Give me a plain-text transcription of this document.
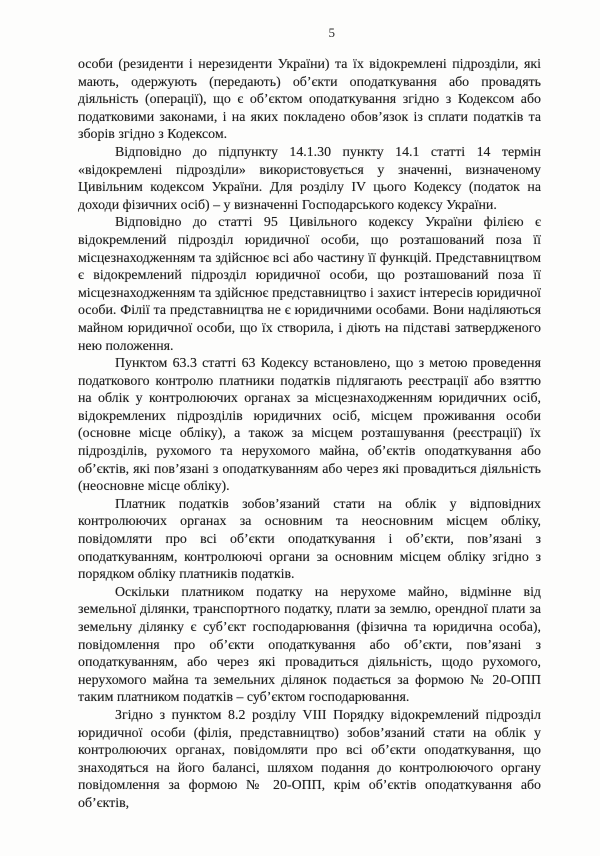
5

особи (резиденти і нерезиденти України) та їх відокремлені підрозділи, які мають, одержують (передають) об’єкти оподаткування або провадять діяльність (операції), що є об’єктом оподаткування згідно з Кодексом або податковими законами, і на яких покладено обов’язок із сплати податків та зборів згідно з Кодексом.

Відповідно до підпункту 14.1.30 пункту 14.1 статті 14 термін «відокремлені підрозділи» використовується у значенні, визначеному Цивільним кодексом України. Для розділу IV цього Кодексу (податок на доходи фізичних осіб) – у визначенні Господарського кодексу України.

Відповідно до статті 95 Цивільного кодексу України філією є відокремлений підрозділ юридичної особи, що розташований поза її місцезнаходженням та здійснює всі або частину її функцій. Представництвом є відокремлений підрозділ юридичної особи, що розташований поза її місцезнаходженням та здійснює представництво і захист інтересів юридичної особи. Філії та представництва не є юридичними особами. Вони наділяються майном юридичної особи, що їх створила, і діють на підставі затвердженого нею положення.

Пунктом 63.3 статті 63 Кодексу встановлено, що з метою проведення податкового контролю платники податків підлягають реєстрації або взяттю на облік у контролюючих органах за місцезнаходженням юридичних осіб, відокремлених підрозділів юридичних осіб, місцем проживання особи (основне місце обліку), а також за місцем розташування (реєстрації) їх підрозділів, рухомого та нерухомого майна, об’єктів оподаткування або об’єктів, які пов’язані з оподаткуванням або через які провадиться діяльність (неосновне місце обліку).

Платник податків зобов’язаний стати на облік у відповідних контролюючих органах за основним та неосновним місцем обліку, повідомляти про всі об’єкти оподаткування і об’єкти, пов’язані з оподаткуванням, контролюючі органи за основним місцем обліку згідно з порядком обліку платників податків.

Оскільки платником податку на нерухоме майно, відмінне від земельної ділянки, транспортного податку, плати за землю, орендної плати за земельну ділянку є суб’єкт господарювання (фізична та юридична особа), повідомлення про об’єкти оподаткування або об’єкти, пов’язані з оподаткуванням, або через які провадиться діяльність, щодо рухомого, нерухомого майна та земельних ділянок подається за формою № 20-ОПП таким платником податків – суб’єктом господарювання.

Згідно з пунктом 8.2 розділу VIII Порядку відокремлений підрозділ юридичної особи (філія, представництво) зобов’язаний стати на облік у контролюючих органах, повідомляти про всі об’єкти оподаткування, що знаходяться на його балансі, шляхом подання до контролюючого органу повідомлення за формою № 20-ОПП, крім об’єктів оподаткування або об’єктів,
